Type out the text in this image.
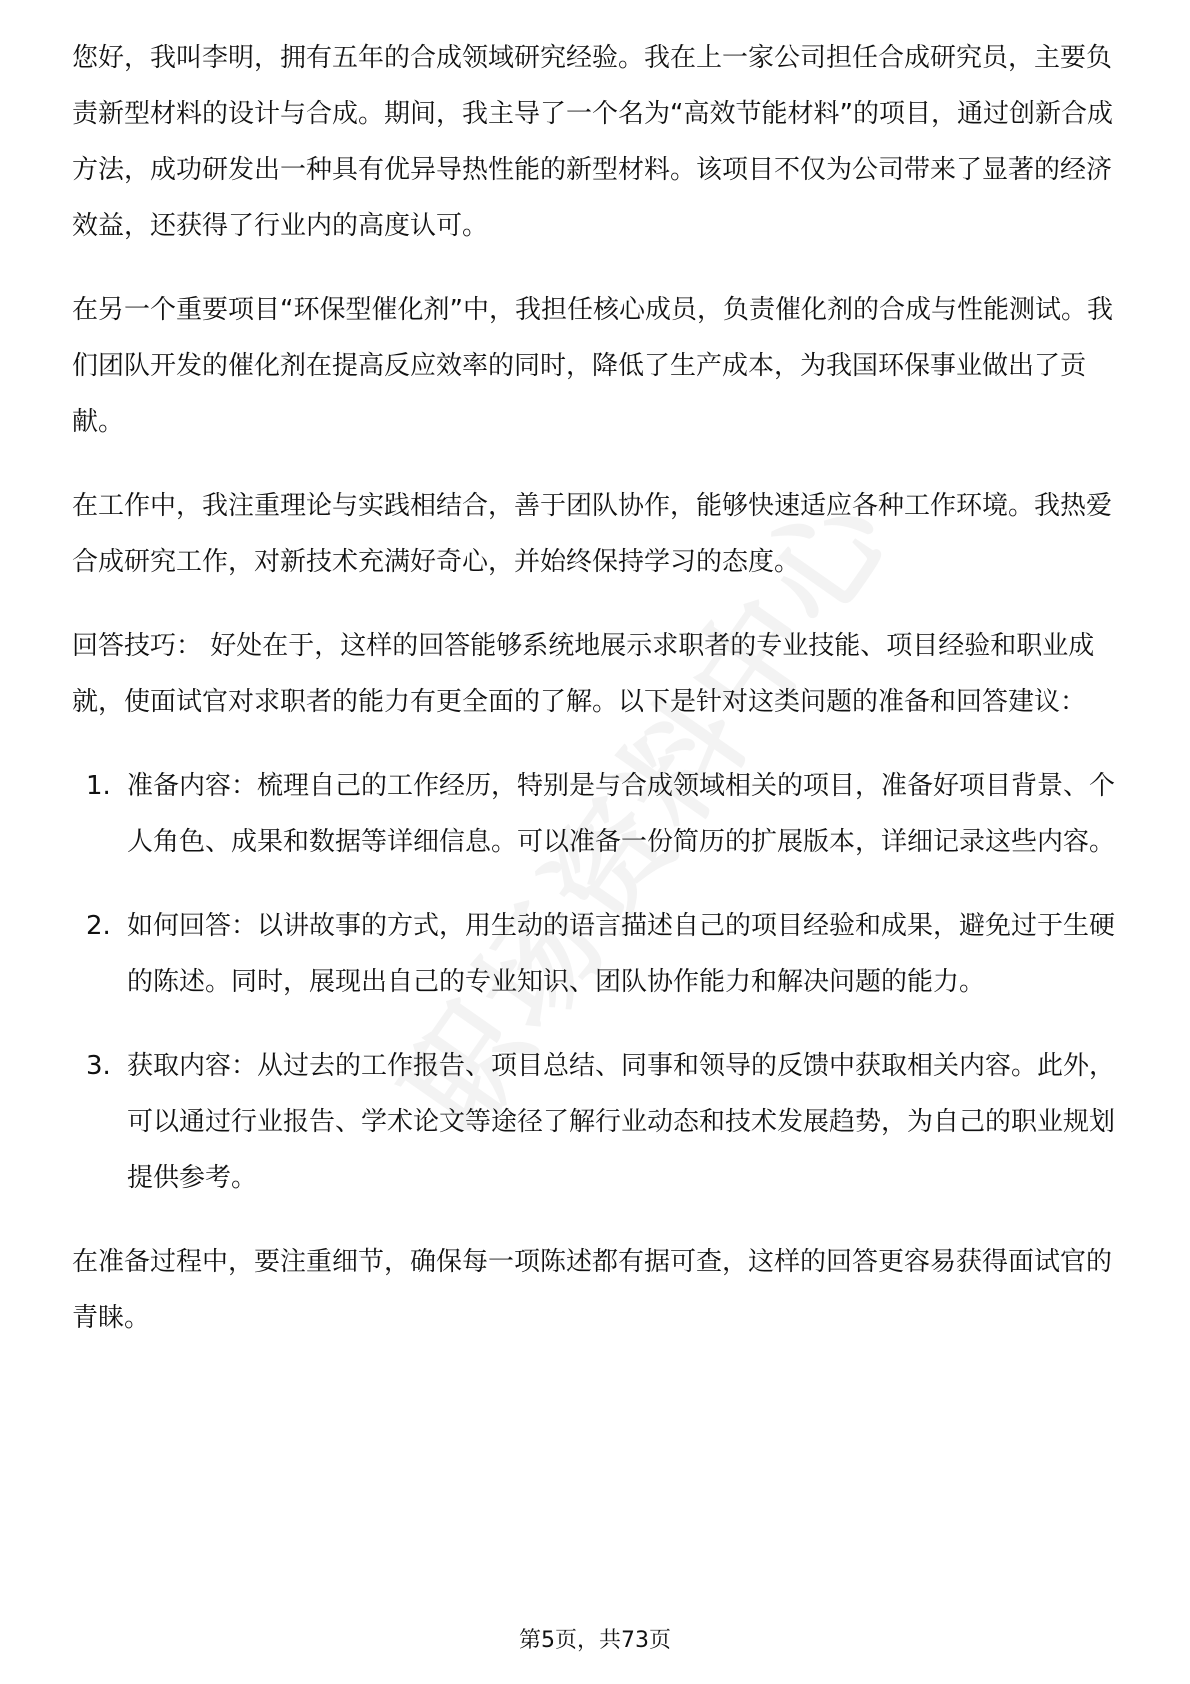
您好，我叫李明，拥有五年的合成领域研究经验。我在上一家公司担任合成研究员，主要负责新型材料的设计与合成。期间，我主导了一个名为“高效节能材料”的项目，通过创新合成方法，成功研发出一种具有优异导热性能的新型材料。该项目不仅为公司带来了显著的经济效益，还获得了行业内的高度认可。

在另一个重要项目“环保型催化剂”中，我担任核心成员，负责催化剂的合成与性能测试。我们团队开发的催化剂在提高反应效率的同时，降低了生产成本，为我国环保事业做出了贡献。

在工作中，我注重理论与实践相结合，善于团队协作，能够快速适应各种工作环境。我热爱合成研究工作，对新技术充满好奇心，并始终保持学习的态度。

回答技巧： 好处在于，这样的回答能够系统地展示求职者的专业技能、项目经验和职业成就，使面试官对求职者的能力有更全面的了解。以下是针对这类问题的准备和回答建议：

1. 准备内容：梳理自己的工作经历，特别是与合成领域相关的项目，准备好项目背景、个人角色、成果和数据等详细信息。可以准备一份简历的扩展版本，详细记录这些内容。
2. 如何回答：以讲故事的方式，用生动的语言描述自己的项目经验和成果，避免过于生硬的陈述。同时，展现出自己的专业知识、团队协作能力和解决问题的能力。
3. 获取内容：从过去的工作报告、项目总结、同事和领导的反馈中获取相关内容。此外，可以通过行业报告、学术论文等途径了解行业动态和技术发展趋势，为自己的职业规划提供参考。

在准备过程中，要注重细节，确保每一项陈述都有据可查，这样的回答更容易获得面试官的青睐。

第5页，共73页
